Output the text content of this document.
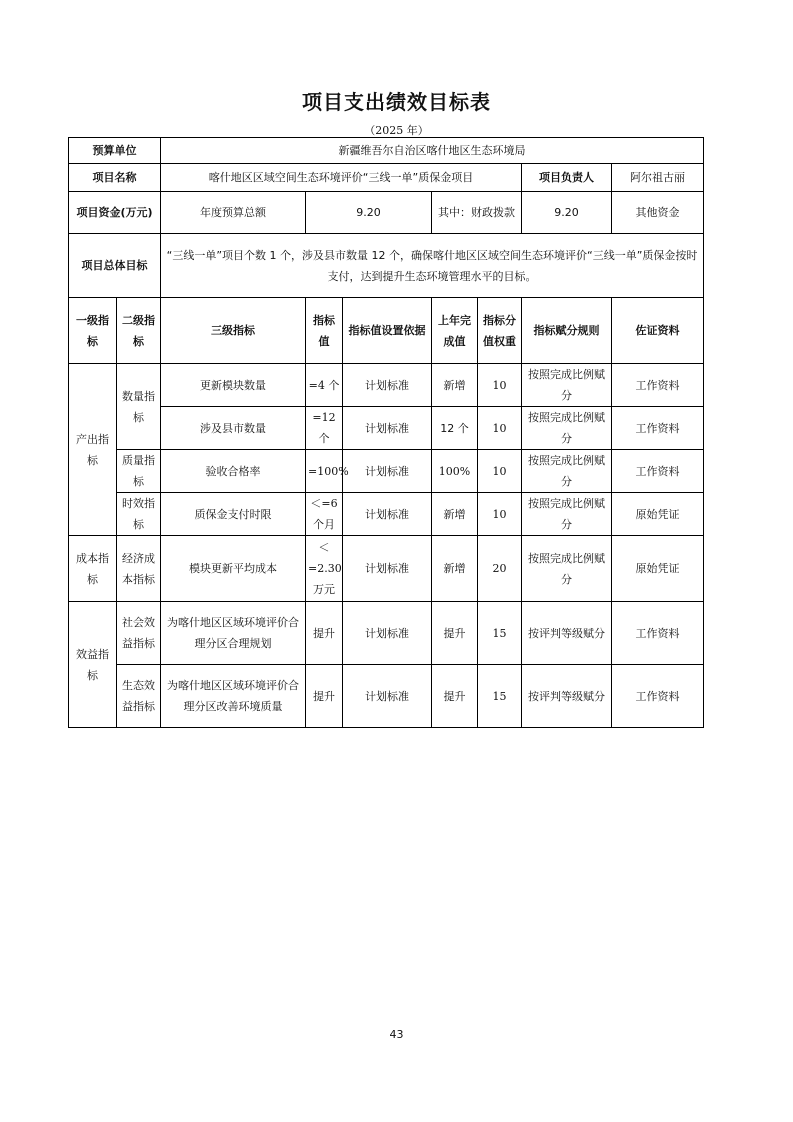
项目支出绩效目标表
（2025 年）
预算单位		新疆维吾尔自治区喀什地区生态环境局							
项目名称		喀什地区区域空间生态环境评价“三线一单”质保金项目					项目负责人	阿尔祖古丽	
项目资金(万元)		年度预算总额	9.20		其中：财政拨款		9.20	其他资金	
项目总体目标		“三线一单”项目个数 1 个，涉及县市数量 12 个，确保喀什地区区域空间生态环境评价“三线一单”质保金按时支付，达到提升生态环境管理水平的目标。							
一级指标	二级指标	三级指标	指标值	指标值设置依据	上年完成值	指标分值权重	指标赋分规则	佐证资料	
产出指标	数量指标	更新模块数量	=4 个	计划标准	新增	10	按照完成比例赋分	工作资料	
		涉及县市数量	=12 个	计划标准	12 个	10	按照完成比例赋分	工作资料	
	质量指标	验收合格率	=100%	计划标准	100%	10	按照完成比例赋分	工作资料	
	时效指标	质保金支付时限	＜=6 个月	计划标准	新增	10	按照完成比例赋分	原始凭证	
成本指标	经济成本指标	模块更新平均成本	＜ =2.30 万元	计划标准	新增	20	按照完成比例赋分	原始凭证	
效益指标	社会效益指标	为喀什地区区域环境评价合理分区合理规划	提升	计划标准	提升	15	按评判等级赋分	工作资料	
	生态效益指标	为喀什地区区域环境评价合理分区改善环境质量	提升	计划标准	提升	15	按评判等级赋分	工作资料	
43
